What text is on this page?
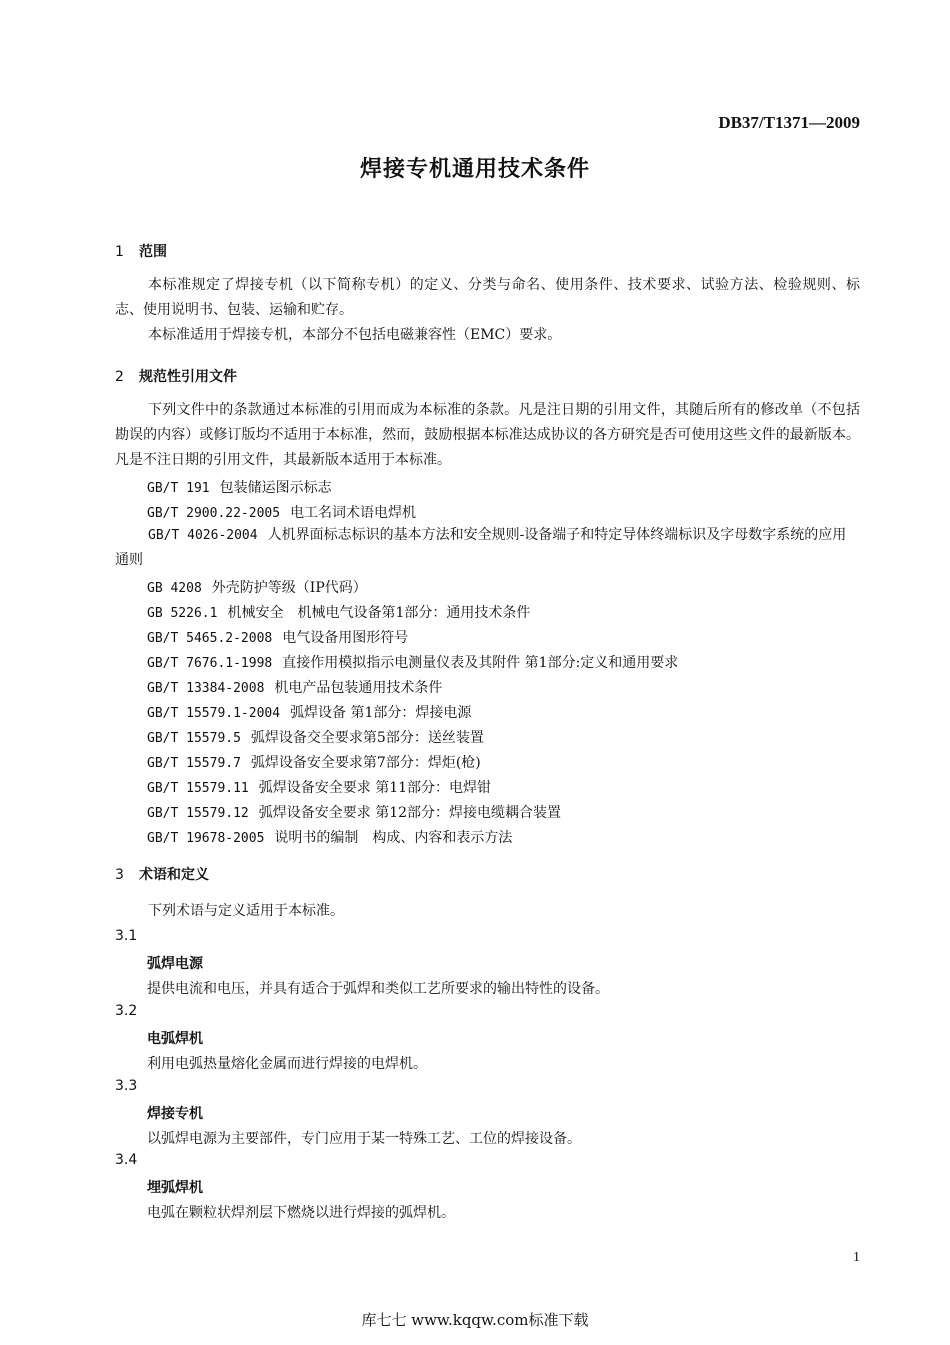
DB37/T1371—2009
焊接专机通用技术条件
1 范围
本标准规定了焊接专机（以下简称专机）的定义、分类与命名、使用条件、技术要求、试验方法、检验规则、标志、使用说明书、包装、运输和贮存。
本标准适用于焊接专机，本部分不包括电磁兼容性（EMC）要求。
2 规范性引用文件
下列文件中的条款通过本标准的引用而成为本标准的条款。凡是注日期的引用文件，其随后所有的修改单（不包括勘误的内容）或修订版均不适用于本标准，然而，鼓励根据本标准达成协议的各方研究是否可使用这些文件的最新版本。凡是不注日期的引用文件，其最新版本适用于本标准。
GB/T 191 包装储运图示标志
GB/T 2900.22-2005 电工名词术语电焊机
GB/T 4026-2004 人机界面标志标识的基本方法和安全规则-设备端子和特定导体终端标识及字母数字系统的应用通则
GB 4208 外壳防护等级（IP代码）
GB 5226.1 机械安全　机械电气设备第1部分：通用技术条件
GB/T 5465.2-2008 电气设备用图形符号
GB/T 7676.1-1998 直接作用模拟指示电测量仪表及其附件 第1部分:定义和通用要求
GB/T 13384-2008 机电产品包装通用技术条件
GB/T 15579.1-2004 弧焊设备 第1部分：焊接电源
GB/T 15579.5 弧焊设备交全要求第5部分：送丝装置
GB/T 15579.7 弧焊设备安全要求第7部分：焊炬(枪)
GB/T 15579.11 弧焊设备安全要求 第11部分：电焊钳
GB/T 15579.12 弧焊设备安全要求 第12部分：焊接电缆耦合装置
GB/T 19678-2005 说明书的编制　构成、内容和表示方法
3 术语和定义
下列术语与定义适用于本标准。
3.1
弧焊电源
提供电流和电压，并具有适合于弧焊和类似工艺所要求的输出特性的设备。
3.2
电弧焊机
利用电弧热量熔化金属而进行焊接的电焊机。
3.3
焊接专机
以弧焊电源为主要部件，专门应用于某一特殊工艺、工位的焊接设备。
3.4
埋弧焊机
电弧在颗粒状焊剂层下燃烧以进行焊接的弧焊机。
1
库七七 www.kqqw.com标准下载
